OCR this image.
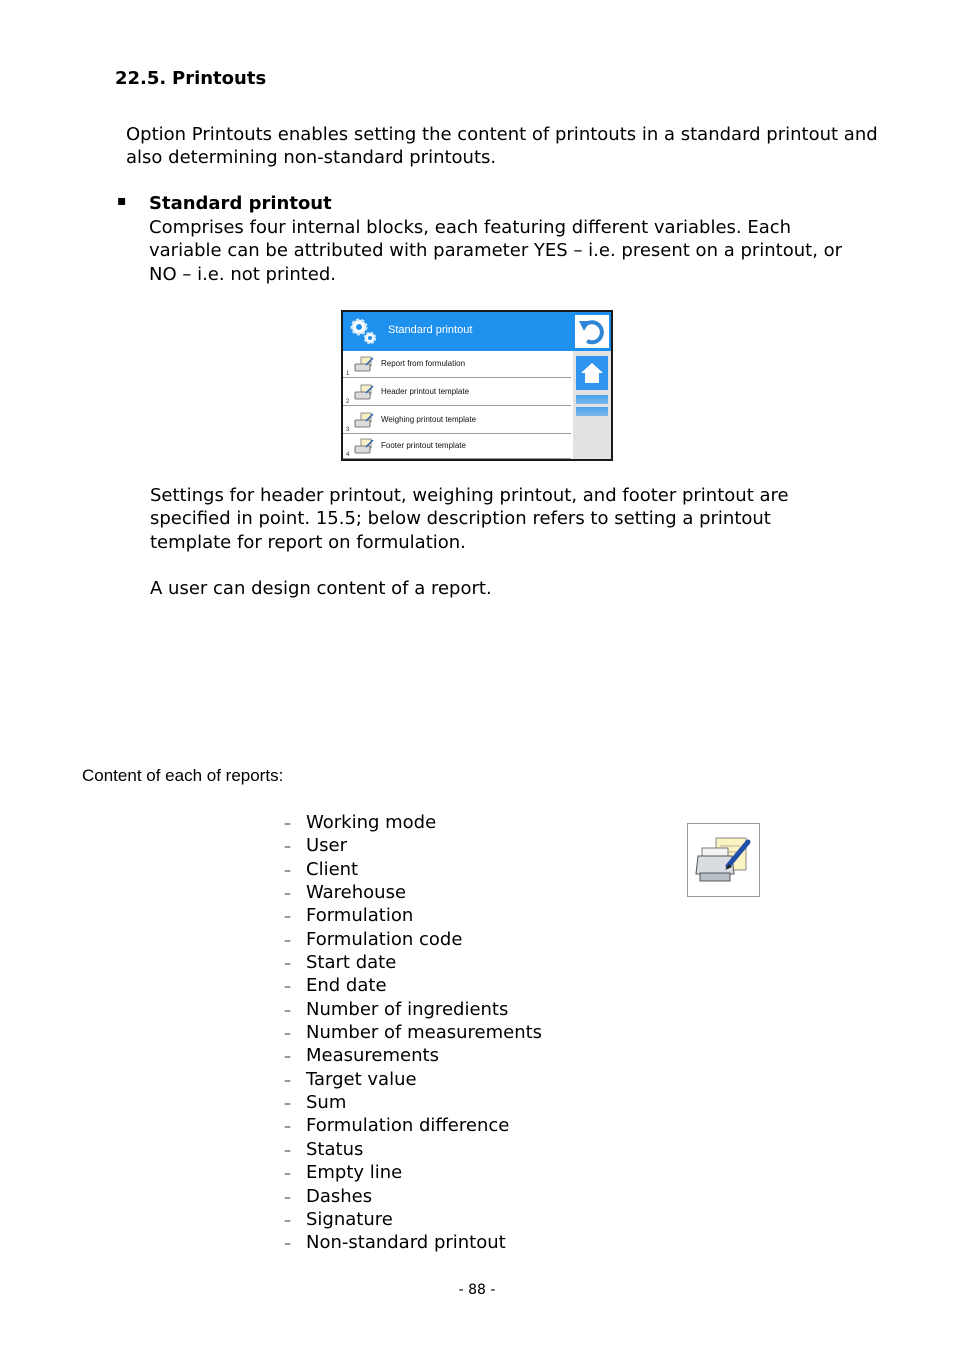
22.5. Printouts
Option Printouts enables setting the content of printouts in a standard printout and also determining non-standard printouts.
▪ Standard printout
Comprises four internal blocks, each featuring different variables. Each variable can be attributed with parameter YES – i.e. present on a printout, or NO – i.e. not printed.
Standard printout
1
Report from formulation
2
Header printout template
3
Weighing printout template
4
Footer printout template
Settings for header printout, weighing printout, and footer printout are specified in point. 15.5; below description refers to setting a printout template for report on formulation.
A user can design content of a report.
Content of each of reports:
– Working mode
– User
– Client
– Warehouse
– Formulation
– Formulation code
– Start date
– End date
– Number of ingredients
– Number of measurements
– Measurements
– Target value
– Sum
– Formulation difference
– Status
– Empty line
– Dashes
– Signature
– Non-standard printout
- 88 -
